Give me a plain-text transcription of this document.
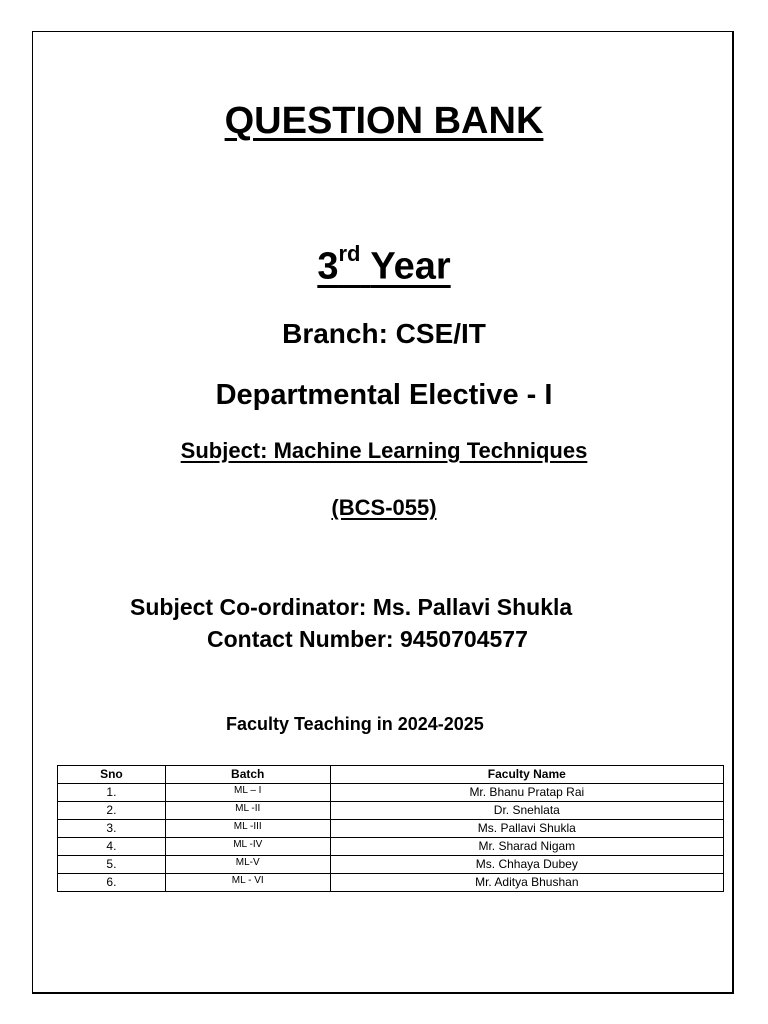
QUESTION BANK
3rd Year
Branch: CSE/IT
Departmental Elective - I
Subject: Machine Learning Techniques
(BCS-055)
Subject Co-ordinator: Ms. Pallavi Shukla
Contact Number: 9450704577
Faculty Teaching in 2024-2025
Sno	Batch	Faculty Name
1.	ML – I	Mr. Bhanu Pratap Rai
2.	ML -II	Dr. Snehlata
3.	ML -III	Ms. Pallavi Shukla
4.	ML -IV	Mr. Sharad Nigam
5.	ML-V	Ms. Chhaya Dubey
6.	ML - VI	Mr. Aditya Bhushan
